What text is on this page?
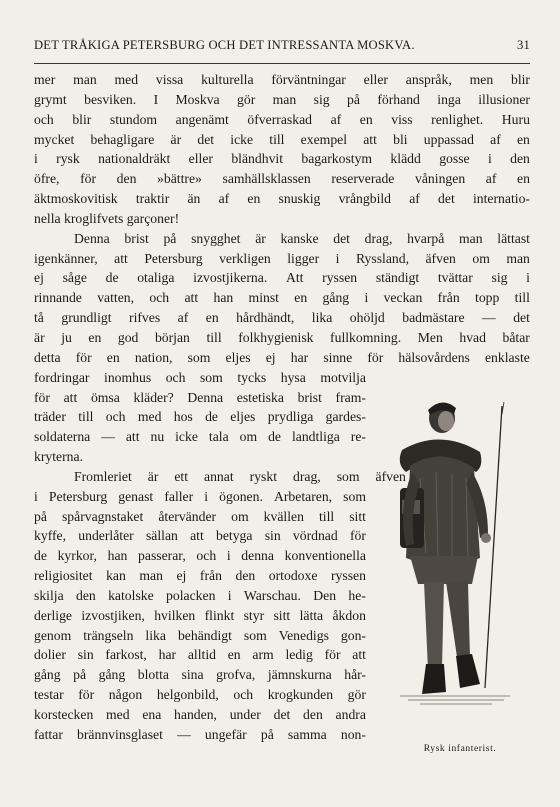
DET TRÅKIGA PETERSBURG OCH DET INTRESSANTA MOSKVA.	31
mer man med vissa kulturella förväntningar eller anspråk, men blir
grymt besviken. I Moskva gör man sig på förhand inga illusioner
och blir stundom angenämt öfverraskad af en viss renlighet. Huru
mycket behagligare är det icke till exempel att bli uppassad af en
i rysk nationaldräkt eller bländhvit bagarkostym klädd gosse i den
öfre, för den »bättre» samhällsklassen reserverade våningen af en
äktmoskovitisk traktir än af en snuskig vrångbild af det internatio-
nella kroglifvets garçoner!
Denna brist på snygghet är kanske det drag, hvarpå man lättast
igenkänner, att Petersburg verkligen ligger i Ryssland, äfven om man
ej såge de otaliga izvostjikerna. Att ryssen ständigt tvättar sig i
rinnande vatten, och att han minst en gång i veckan från topp till
tå grundligt rifves af en hårdhändt, lika ohöljd badmästare — det
är ju en god början till folkhygienisk fullkomning. Men hvad båtar
detta för en nation, som eljes ej har sinne för hälsovårdens enklaste
fordringar inomhus och som tycks hysa motvilja
för att ömsa kläder? Denna estetiska brist fram-
träder till och med hos de eljes prydliga gardes-
soldaterna — att nu icke tala om de landtliga re-
kryterna.
Fromleriet är ett annat ryskt drag, som äfven
i Petersburg genast faller i ögonen. Arbetaren, som
på spårvagnstaket återvänder om kvällen till sitt
kyffe, underlåter sällan att betyga sin vördnad för
de kyrkor, han passerar, och i denna konventionella
religiositet kan man ej från den ortodoxe ryssen
skilja den katolske polacken i Warschau. Den he-
derlige izvostjiken, hvilken flinkt styr sitt lätta åkdon
genom trängseln lika behändigt som Venedigs gon-
dolier sin farkost, har alltid en arm ledig för att
gång på gång blotta sina grofva, jämnskurna hår-
testar för någon helgonbild, och krogkunden gör
korstecken med ena handen, under det den andra
fattar brännvinsglaset — ungefär på samma non-
Rysk infanterist.
